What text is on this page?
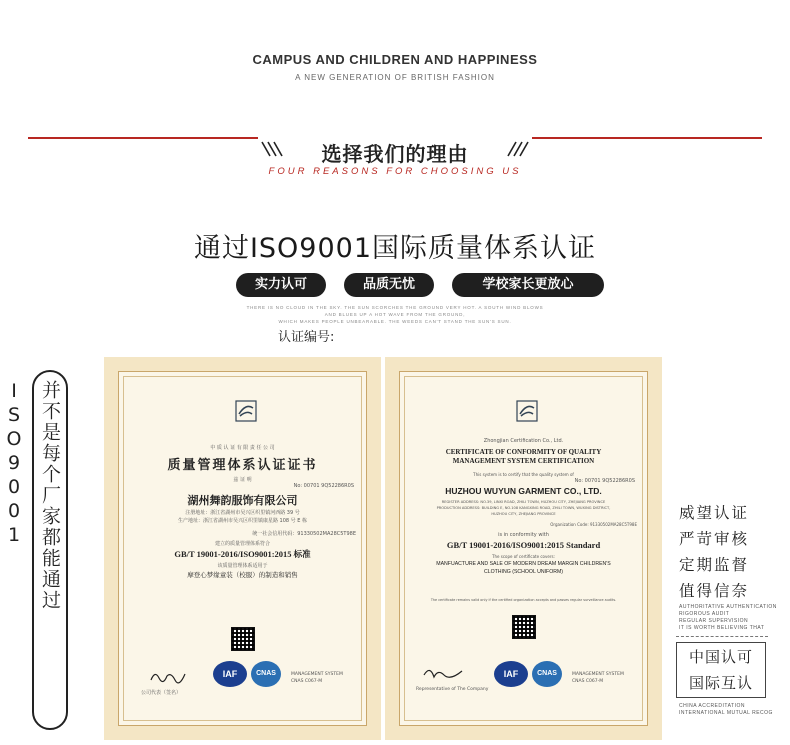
CAMPUS AND CHILDREN AND HAPPINESS
A NEW GENERATION OF BRITISH FASHION
选择我们的理由
FOUR REASONS FOR CHOOSING US
通过ISO9001国际质量体系认证
实力认可	品质无忧	学校家长更放心
THERE IS NO CLOUD IN THE SKY. THE SUN SCORCHES THE GROUND VERY HOT. A SOUTH WIND BLOWS
AND BLUES UP A HOT WAVE FROM THE GROUND,
WHICH MAKES PEOPLE UNBEARABLE. THE WEEDS CAN'T STAND THE SUN'S SUN.
认证编号:
并不是每个厂家都能通过ISO9001	中 质 认 证 有 限 责 任 公 司
质量管理体系认证证书
兹 证 明
No: 00701 9Q52286R0S
湖州舞韵服饰有限公司
注册地址：浙江省湖州市吴兴区织里镇河西路 39 号
生产地址：浙江省湖州市吴兴区织里镇康星路 108 号 E 栋
统一社会信用代码：91330502MA28C5T98E
建立的质量管理体系符合
GB/T 19001-2016/ISO9001:2015 标准
该质量管理体系适用于
摩登心梦缘童装（校服）的制造和销售
公司代表（签名）
IAF	CNAS	MANAGEMENT SYSTEM
CNAS C067-M
Zhongjian Certification Co., Ltd.
CERTIFICATE OF CONFORMITY OF QUALITY
MANAGEMENT SYSTEM CERTIFICATION
This system is to certify that the quality system of
No: 00701 9Q52286R0S
HUZHOU WUYUN GARMENT CO., LTD.
REGISTER ADDRESS: NO.39, LINXI ROAD, ZHILI TOWN, HUZHOU CITY, ZHEJIANG PROVINCE
PRODUCTION ADDRESS: BUILDING E, NO.108 KANGXING ROAD, ZHILI TOWN, WUXING DISTRICT,
HUZHOU CITY, ZHEJIANG PROVINCE
Organization Code: 91330502MA28C5T98E
is in conformity with
GB/T 19001-2016/ISO9001:2015 Standard
The scope of certificate covers:
MANFUACTURE AND SALE OF MODERN DREAM MARGIN CHILDREN'S
CLOTHING (SCHOOL UNIFORM)
The certificate remains valid only if the certified organization accepts and passes regular surveillance audits.
Representative of The Company
IAF	CNAS	MANAGEMENT SYSTEM
CNAS C067-M
威望认证
严苛审核
定期监督
值得信奈
AUTHORITATIVE AUTHENTICATION
RIGOROUS AUDIT
REGULAR SUPERVISION
IT IS WORTH BELIEVING THAT
中国认可
国际互认
CHINA ACCREDITATION
INTERNATIONAL MUTUAL RECOG
